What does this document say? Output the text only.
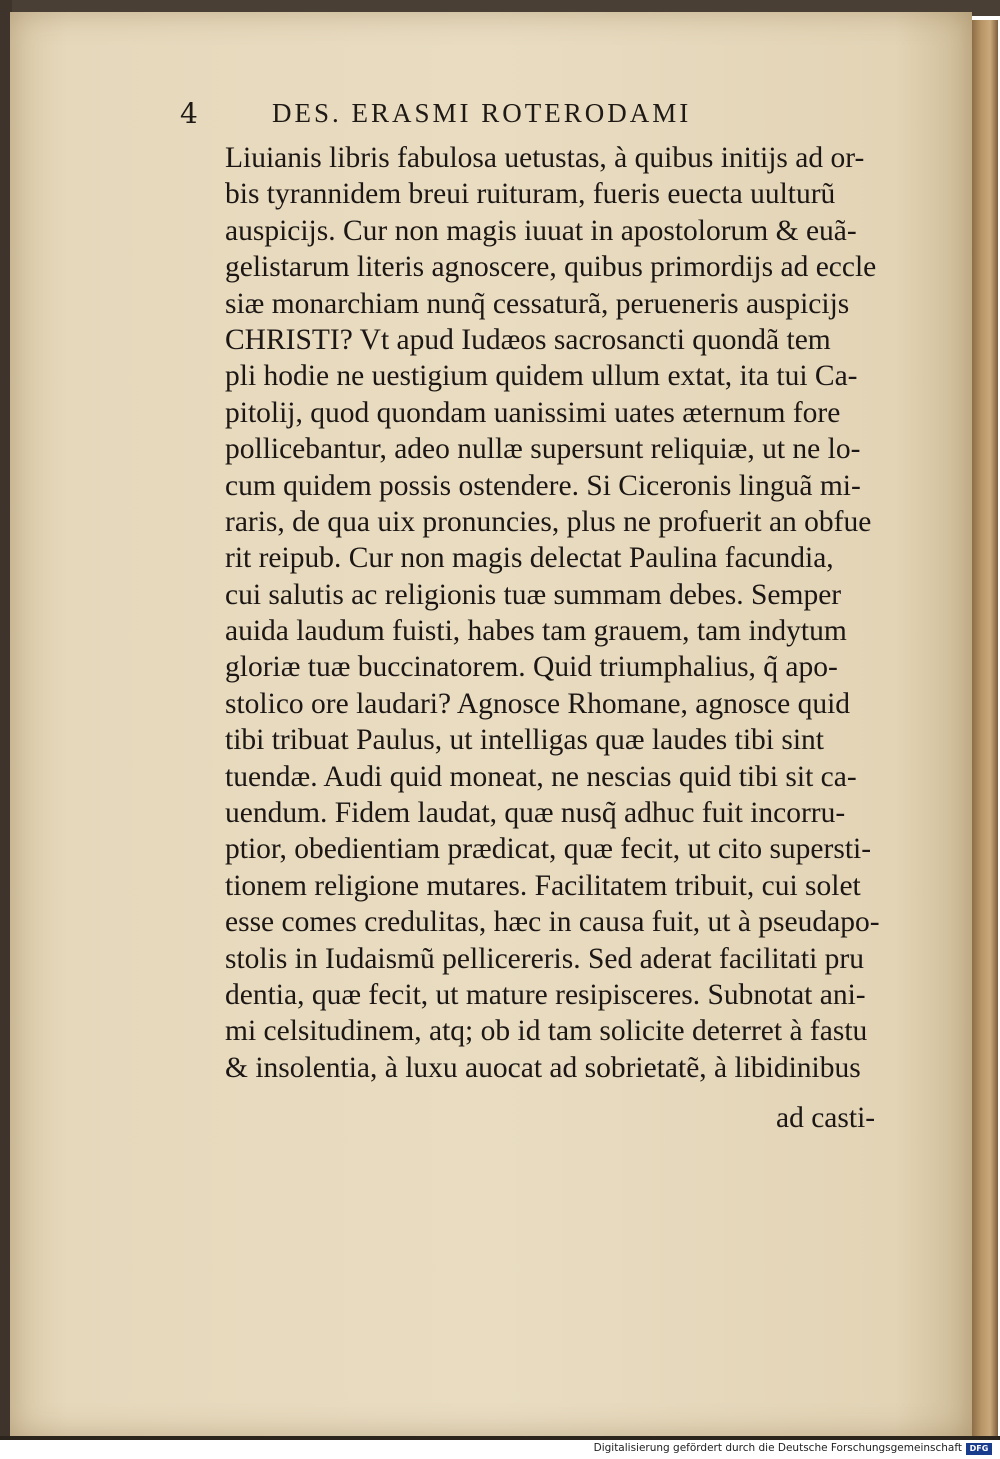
4	DES. ERASMI ROTERODAMI
Liuianis libris fabulosa uetustas, à quibus initijs ad or-
bis tyrannidem breui ruituram, fueris euecta uulturũ
auspicijs. Cur non magis iuuat in apostolorum & euã-
gelistarum literis agnoscere, quibus primordijs ad eccle
siæ monarchiam nunq̃ cessaturã, perueneris auspicijs
CHRISTI? Vt apud Iudæos sacrosancti quondã tem
pli hodie ne uestigium quidem ullum extat, ita tui Ca-
pitolij, quod quondam uanissimi uates æternum fore
pollicebantur, adeo nullæ supersunt reliquiæ, ut ne lo-
cum quidem possis ostendere. Si Ciceronis linguã mi-
raris, de qua uix pronuncies, plus ne profuerit an obfue
rit reipub. Cur non magis delectat Paulina facundia,
cui salutis ac religionis tuæ summam debes. Semper
auida laudum fuisti, habes tam grauem, tam indytum
gloriæ tuæ buccinatorem. Quid triumphalius, q̃ apo-
stolico ore laudari? Agnosce Rhomane, agnosce quid
tibi tribuat Paulus, ut intelligas quæ laudes tibi sint
tuendæ. Audi quid moneat, ne nescias quid tibi sit ca-
uendum. Fidem laudat, quæ nusq̃ adhuc fuit incorru-
ptior, obedientiam prædicat, quæ fecit, ut cito supersti-
tionem religione mutares. Facilitatem tribuit, cui solet
esse comes credulitas, hæc in causa fuit, ut à pseudapo-
stolis in Iudaismũ pellicereris. Sed aderat facilitati pru
dentia, quæ fecit, ut mature resipisceres. Subnotat ani-
mi celsitudinem, atq; ob id tam solicite deterret à fastu
& insolentia, à luxu auocat ad sobrietatẽ, à libidinibus
ad casti-
Digitalisierung gefördert durch die Deutsche Forschungsgemeinschaft DFG
